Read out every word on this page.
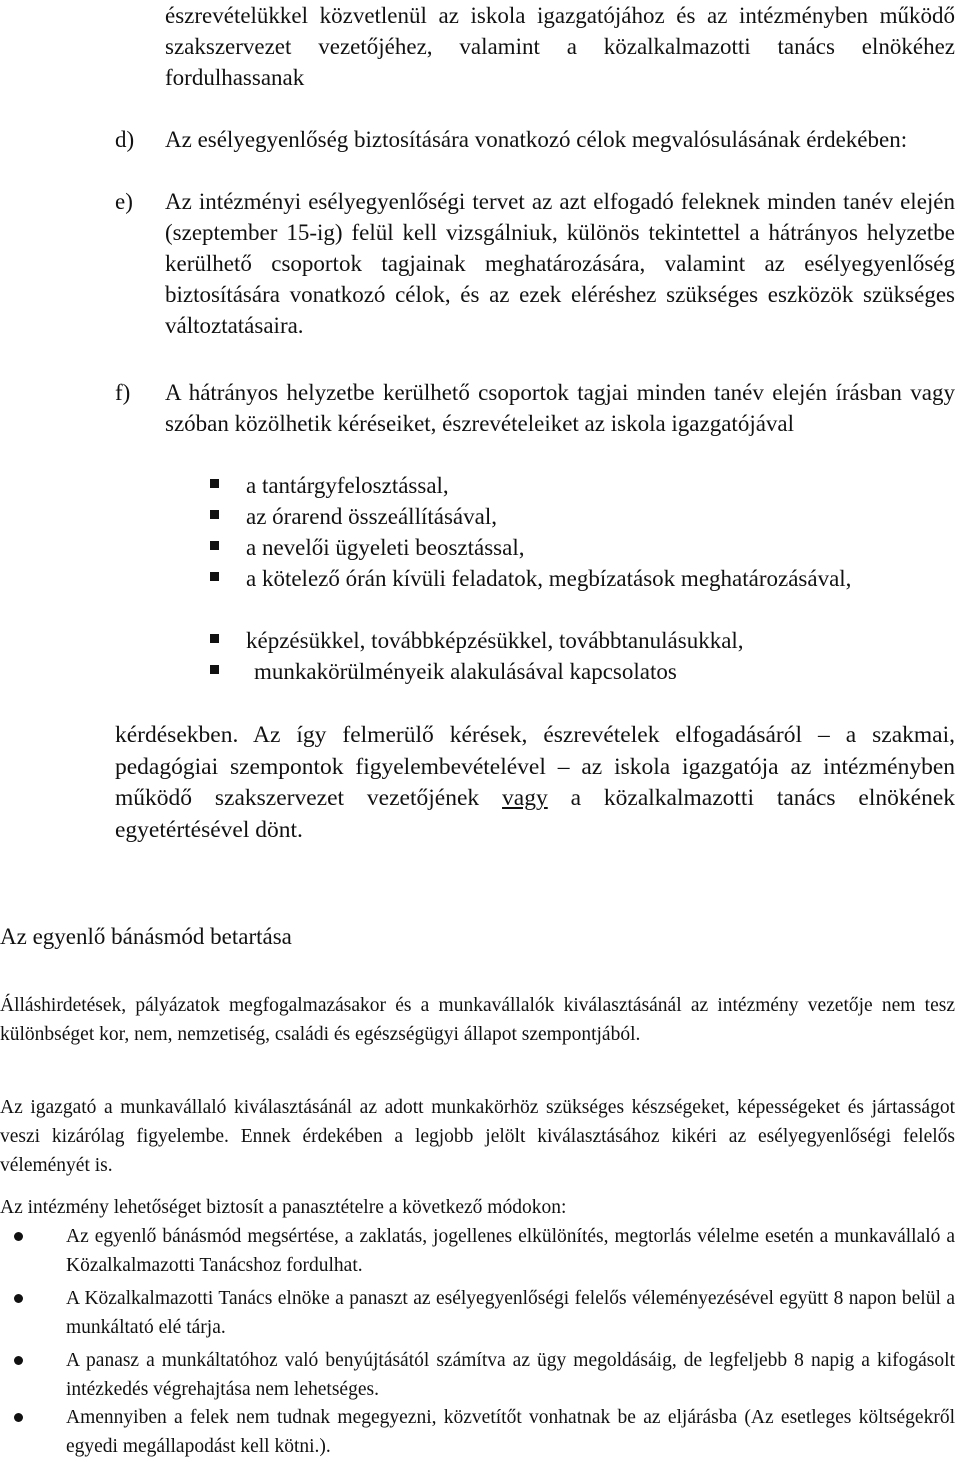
észrevételükkel közvetlenül az iskola igazgatójához és az intézményben működő szakszervezet vezetőjéhez, valamint a közalkalmazotti tanács elnökéhez fordulhassanak

d) Az esélyegyenlőség biztosítására vonatkozó célok megvalósulásának érdekében:

e) Az intézményi esélyegyenlőségi tervet az azt elfogadó feleknek minden tanév elején (szeptember 15-ig) felül kell vizsgálniuk, különös tekintettel a hátrányos helyzetbe kerülhető csoportok tagjainak meghatározására, valamint az esélyegyenlőség biztosítására vonatkozó célok, és az ezek eléréshez szükséges eszközök szükséges változtatásaira.

f) A hátrányos helyzetbe kerülhető csoportok tagjai minden tanév elején írásban vagy szóban közölhetik kéréseiket, észrevételeiket az iskola igazgatójával

a tantárgyfelosztással,
az órarend összeállításával,
a nevelői ügyeleti beosztással,

a kötelező órán kívüli feladatok, megbízatások meghatározásával,

képzésükkel, továbbképzésükkel, továbbtanulásukkal,
munkakörülményeik alakulásával kapcsolatos

kérdésekben. Az így felmerülő kérések, észrevételek elfogadásáról – a szakmai, pedagógiai szempontok figyelembevételével – az iskola igazgatója az intézményben működő szakszervezet vezetőjének vagy a közalkalmazotti tanács elnökének egyetértésével dönt.

Az egyenlő bánásmód betartása

Álláshirdetések, pályázatok megfogalmazásakor és a munkavállalók kiválasztásánál az intézmény vezetője nem tesz különbséget kor, nem, nemzetiség, családi és egészségügyi állapot szempontjából.

Az igazgató a munkavállaló kiválasztásánál az adott munkakörhöz szükséges készségeket, képességeket és jártasságot veszi kizárólag figyelembe. Ennek érdekében a legjobb jelölt kiválasztásához kikéri az esélyegyenlőségi felelős véleményét is.

Az intézmény lehetőséget biztosít a panasztételre a következő módokon:

Az egyenlő bánásmód megsértése, a zaklatás, jogellenes elkülönítés, megtorlás vélelme esetén a munkavállaló a Közalkalmazotti Tanácshoz fordulhat.

A Közalkalmazotti Tanács elnöke a panaszt az esélyegyenlőségi felelős véleményezésével együtt 8 napon belül a munkáltató elé tárja.

A panasz a munkáltatóhoz való benyújtásától számítva az ügy megoldásáig, de legfeljebb 8 napig a kifogásolt intézkedés végrehajtása nem lehetséges.

Amennyiben a felek nem tudnak megegyezni, közvetítőt vonhatnak be az eljárásba (Az esetleges költségekről egyedi megállapodást kell kötni.).
